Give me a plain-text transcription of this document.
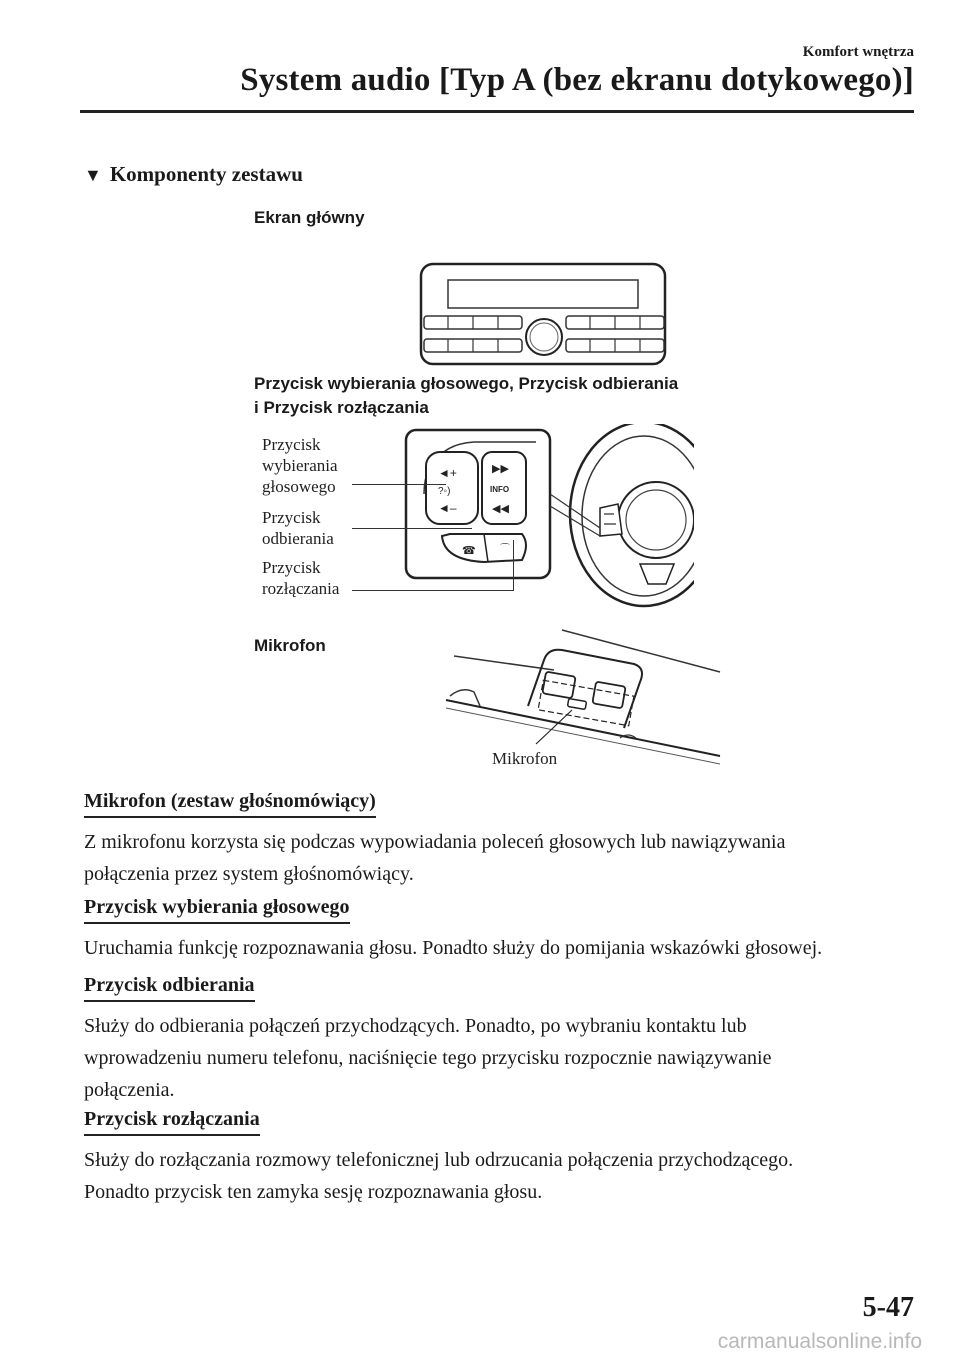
Komfort wnętrza
System audio [Typ A (bez ekranu dotykowego)]
▼ Komponenty zestawu
Ekran główny
Przycisk wybierania głosowego, Przycisk odbierania
i Przycisk rozłączania
◄+
?◦)
◄–
▶▶
INFO
◀◀
☎ ⌒
Przycisk
wybierania
głosowego
Przycisk
odbierania
Przycisk
rozłączania
Mikrofon
Mikrofon
Mikrofon (zestaw głośnomówiący)
Z mikrofonu korzysta się podczas wypowiadania poleceń głosowych lub nawiązywania
połączenia przez system głośnomówiący.
Przycisk wybierania głosowego
Uruchamia funkcję rozpoznawania głosu. Ponadto służy do pomijania wskazówki głosowej.
Przycisk odbierania
Służy do odbierania połączeń przychodzących. Ponadto, po wybraniu kontaktu lub
wprowadzeniu numeru telefonu, naciśnięcie tego przycisku rozpocznie nawiązywanie
połączenia.
Przycisk rozłączania
Służy do rozłączania rozmowy telefonicznej lub odrzucania połączenia przychodzącego.
Ponadto przycisk ten zamyka sesję rozpoznawania głosu.
5-47
carmanualsonline.info
